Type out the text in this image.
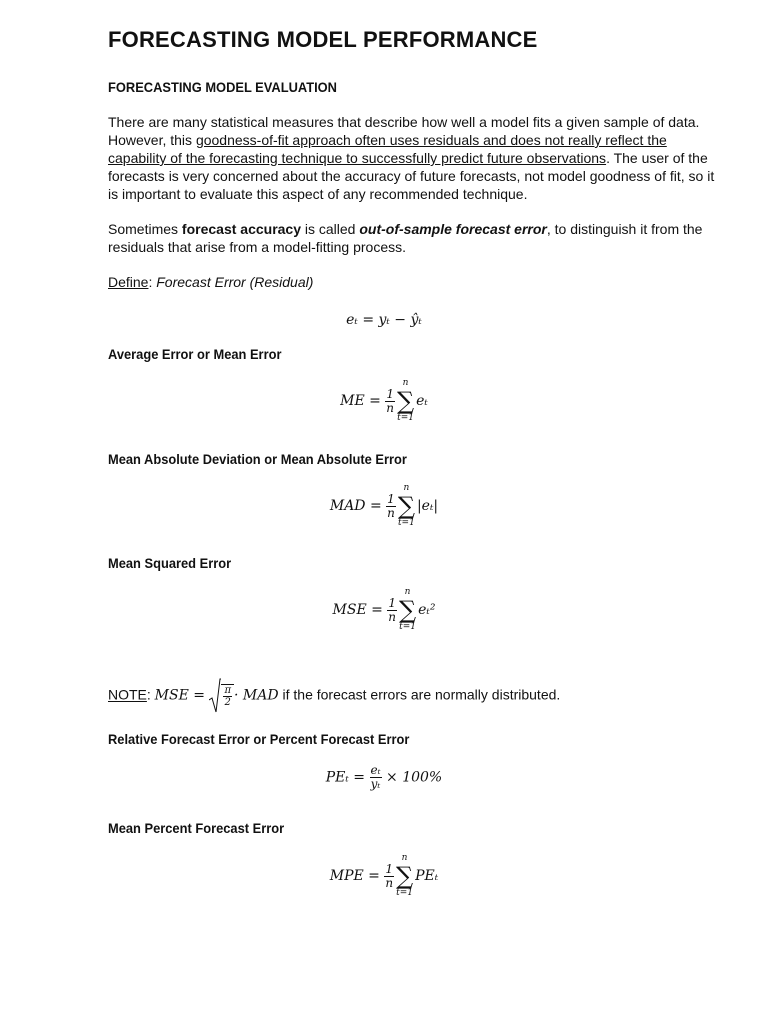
FORECASTING MODEL PERFORMANCE
FORECASTING MODEL EVALUATION
There are many statistical measures that describe how well a model fits a given sample of data.
However, this goodness-of-fit approach often uses residuals and does not really reflect the
capability of the forecasting technique to successfully predict future observations. The user of the
forecasts is very concerned about the accuracy of future forecasts, not model goodness of fit, so it
is important to evaluate this aspect of any recommended technique.
Sometimes forecast accuracy is called out-of-sample forecast error, to distinguish it from the
residuals that arise from a model-fitting process.
Define: Forecast Error (Residual)
eₜ = yₜ − ŷₜ
Average Error or Mean Error
ME = $\frac{1}{n}$
n
∑
t=1
eₜ
Mean Absolute Deviation or Mean Absolute Error
MAD = $\frac{1}{n}$
n
∑
t=1
|eₜ|
Mean Squared Error
MSE = $\frac{1}{n}$
n
∑
t=1
eₜ²
NOTE: MSE = $\frac{\pi}{2}$ · MAD if the forecast errors are normally distributed.
Relative Forecast Error or Percent Forecast Error
$PE_t = \frac{\text{eₜ}}{\text{yₜ}} \times 100\%$
Mean Percent Forecast Error
MPE = $\frac{1}{n}$
n
∑
t=1
PEₜ
